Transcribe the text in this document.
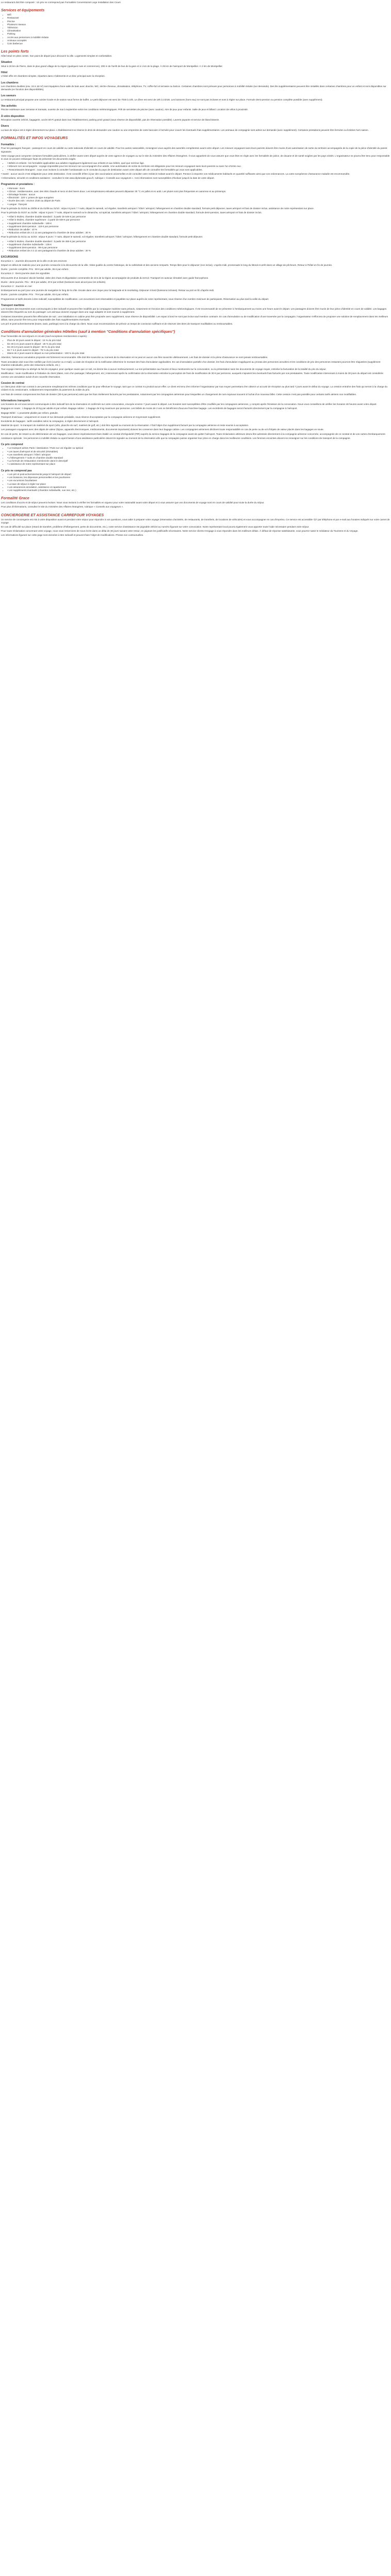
Le restaurant doit être composé : Un prix ne correspond pas Formalités Conventionné Lege Installation des Cours

Services et équipements
• Wifi
• Restaurant
• Piscine
• Plusieurs niveaux
• Télévision
• Climatisation
• Parking
• Accès aux personnes à mobilité réduite
• Animaux acceptés
• Coin barbecue
Les points forts

Hôtel situé en plein centre. Son point de départ pour découvrir la ville. Logements simples et confortables.

Situation

Situé à 20 km de Pierre, dans le plus grand village de la région (quelques rues et commerces), 200 m de l'arrêt de bus de la gare et à 1 km de la plage. À 25 km de l'aéroport de Montpellier. À 2 km de Montpellier.

Hôtel

L'hôtel offre 40 chambres simples, réparties dans 2 bâtiments et un bloc principal avec la réception.

Les chambres

Les chambres doubles (env. 15 à 18 m²) sont équipées d'une salle de bain avec douche, WC, sèche-cheveux, climatisation, téléphone, TV, coffre-fort et terrasse ou balcon. Certaines chambres sont prévues pour personnes à mobilité réduite (sur demande). Des lits supplémentaires peuvent être installés dans certaines chambres pour un enfant et sont disponibles sur demande (en fonction des disponibilités).

Les saveurs

Le restaurant principal propose une cuisine locale et de saison sous forme de buffet. Le petit déjeuner est servi de 7h30 à 10h. Le dîner est servi de 19h à 21h30. Les boissons (hors eau) ne sont pas incluses et sont à régler sur place. Formule demi-pension ou pension complète possible (avec supplément).

Vos activités

Piscine extérieure avec terrasse et transats, ouverte de mai à septembre selon les conditions météorologiques. Prêt de serviettes de piscine (avec caution). Aire de jeux pour enfants. Salle de jeux et billard. Location de vélos à proximité.

À votre disposition

Réception ouverte 24h/24, bagagerie, accès Wi-Fi gratuit dans tout l'établissement, parking privé gratuit (sous réserve de disponibilité, pas de réservation possible). Laverie payante et service de blanchisserie.

Divers

La taxe de séjour est à régler directement sur place. L'établissement se réserve le droit de demander une caution ou une empreinte de carte bancaire à l'arrivée pour couvrir les éventuels frais supplémentaires. Les animaux de compagnie sont admis sur demande (avec supplément). Certaines prestations peuvent être fermées ou limitées hors saison.

FORMALITÉS ET INFOS VOYAGEURS
Formalités :

Pour les passagers français : passeport en cours de validité ou carte nationale d'identité en cours de validité. Pour les autres nationalités, renseignez-vous auprès des autorités compétentes avant votre départ. Les mineurs voyageant sans leurs parents doivent être munis d'une autorisation de sortie du territoire accompagnée de la copie de la pièce d'identité du parent signataire.

Votre voyage peut comporter certaines formalités particulières, à vérifier avant votre départ auprès de votre agence de voyages ou sur le site du ministère des Affaires étrangères. Il vous appartient de vous assurer que vous êtes en règle avec les formalités de police, de douane et de santé exigées par les pays visités. L'organisateur ne pourra être tenu pour responsable si vous ne pouvez embarquer faute de présenter les documents exigés.

• • Bébés et enfants : les formalités applicables aux adultes s'appliquent également aux enfants et aux bébés, quel que soit leur âge.
• • Mineurs non accompagnés : voyage impossible pour les mineurs non accompagnés d'un adulte. Une autorisation de sortie du territoire est obligatoire pour les mineurs voyageant sans leurs parents ou sans l'un d'entre eux.
• • Ressortissants étrangers : nous vous invitons à consulter l'ambassade ou le consulat du pays de destination avant votre départ afin de connaître les formalités qui vous sont applicables.

• Santé : aucun vaccin n'est obligatoire pour cette destination. Il est conseillé d'être à jour des vaccinations universelles et de consulter votre médecin traitant avant le départ. Pensez à emporter vos médicaments habituels en quantité suffisante ainsi que vos ordonnances. La carte européenne d'assurance maladie est recommandée.

• Informations, sécurité et conditions sanitaires : consultez le site www.diplomatie.gouv.fr, rubrique « Conseils aux voyageurs ». Ces informations sont susceptibles d'évoluer jusqu'à la date de votre départ.

Programme et prestations :
• • Monnaie : Euro
• • Climat : méditerranéen, avec des étés chauds et secs et des hivers doux. Les températures estivales peuvent dépasser 30 °C en juillet et en août. Les pluies sont plus fréquentes en automne et au printemps.
• • Décalage horaire : aucun
• • Électricité : 220 V, prises de type européen
• • Durée des vols : environ 1h30 au départ de Paris
• • Langue : français

Pour la période du 01/04 au 30/06 et du 01/09 au 31/10 : séjour 8 jours / 7 nuits, départ le samedi, vol régulier, transferts aéroport / hôtel / aéroport, hébergement en chambre double standard, formule petit déjeuner, taxes aéroport et frais de dossier inclus, assistance de notre représentant sur place.

Pour la période du 01/07 au 31/08 : séjour 8 jours / 7 nuits, départ le samedi ou le dimanche, vol spécial, transferts aéroport / hôtel / aéroport, hébergement en chambre double standard, formule demi-pension, taxes aéroport et frais de dossier inclus.

• • Hôtel 3 étoiles, chambre double standard : à partir de 549 € par personne
• • Hôtel 3 étoiles, chambre supérieure : à partir de 629 € par personne
• • Supplément chambre individuelle : 189 €
• • Supplément demi-pension : 119 € par personne
• • Réduction 3e adulte : 10 %
• • Réduction enfant de 2 à 12 ans partageant la chambre de deux adultes : 30 %

Pour la période du 01/11 au 31/03 : séjour 8 jours / 7 nuits, départ le samedi, vol régulier, transferts aéroport / hôtel / aéroport, hébergement en chambre double standard, formule petit déjeuner.

• • Hôtel 3 étoiles, chambre double standard : à partir de 459 € par personne
• • Supplément chambre individuelle : 139 €
• • Supplément demi-pension : 99 € par personne
• • Réduction enfant de 2 à 12 ans partageant la chambre de deux adultes : 30 %
EXCURSIONS

Excursion 1 : Journée découverte de la ville et de ses environs

Départ en début de matinée pour une journée consacrée à la découverte de la ville. Visite guidée du centre historique, de la cathédrale et des anciens remparts. Temps libre pour le déjeuner (non inclus). L'après-midi, promenade le long du littoral et arrêt dans un village de pêcheurs. Retour à l'hôtel en fin de journée.

Durée : journée complète. Prix : 59 € par adulte, 35 € par enfant.

Excursion 2 : Demi-journée dans les vignobles

Découverte d'un domaine viticole familial, visite des chais et dégustation commentée de vins de la région accompagnée de produits du terroir. Transport en autocar climatisé avec guide francophone.

Durée : demi-journée. Prix : 39 € par adulte, 20 € par enfant (boissons sans alcool pour les enfants).

Excursion 3 : Journée en mer

Embarquement au port pour une journée de navigation le long de la côte. Escale dans une crique pour la baignade et le snorkeling. Déjeuner à bord (boissons incluses). Retour au port en fin d'après-midi.

Durée : journée complète. Prix : 79 € par adulte, 45 € par enfant.

Programmes et tarifs donnés à titre indicatif, susceptibles de modification. Les excursions sont réservables et payables sur place auprès de notre représentant, sous réserve d'un nombre minimum de participants. Réservation au plus tard la veille du départ.

Transport maritime

Les horaires des traversées sont communiqués à titre indicatif et peuvent être modifiés par la compagnie maritime sans préavis, notamment en fonction des conditions météorologiques. Il est recommandé de se présenter à l'embarquement au moins une heure avant le départ. Les passagers doivent être munis de leur pièce d'identité en cours de validité. Les bagages doivent être étiquetés au nom du passager. Les animaux doivent voyager dans une cage adaptée et sont soumis à supplément.

Certaines traversées peuvent être effectuées de nuit ; une installation en cabine peut être proposée avec supplément, sous réserve de disponibilité. Les repas à bord ne sont pas inclus sauf mention contraire. En cas d'annulation ou de modification d'une traversée par la compagnie, l'organisateur s'efforcera de proposer une solution de remplacement dans les meilleurs délais, sans pouvoir être tenu pour responsable des frais supplémentaires éventuels.

Les pré et post-acheminements (trains, taxis, parkings) sont à la charge du client. Nous vous recommandons de prévoir un temps de connexion suffisant et de réserver des titres de transport modifiables ou remboursables.

Conditions d'annulation générales Hôtelles (sauf à mention "Conditions d'annulation spécifiques")

Pour l'ensemble de nos séjours et circuits (sauf exceptions mentionnées ci-après) :

• Plus de 30 jours avant le départ : 15 % du prix total
• De 30 à 21 jours avant le départ : 25 % du prix total
• De 20 à 8 jours avant le départ : 50 % du prix total
• De 7 à 2 jours avant le départ : 75 % du prix total
• Moins de 2 jours avant le départ ou non-présentation : 100 % du prix total

Attention, l'assurance annulation proposée est fortement recommandée. Elle doit être souscrite au moment de la réservation et ne peut en aucun cas être souscrite ultérieurement. Les frais de dossier et la prime d'assurance ne sont jamais remboursables.

Toute annulation doit nous être notifiée par écrit (courrier ou e-mail). La date de réception de la notification détermine le montant des frais d'annulation applicables. En cas d'annulation partielle d'un dossier, les frais d'annulation s'appliquent au prorata des personnes annulées et les conditions de prix des personnes restantes pourront être réajustées (supplément chambre individuelle, perte des réductions enfants, etc.).

Tout voyage interrompu ou abrégé du fait du voyageur, pour quelque cause que ce soit, ne donne lieu à aucun remboursement. La non-présentation aux heures et lieux mentionnés sur la convocation, ou la présentation sans les documents de voyage requis, entraîne la facturation de la totalité du prix du séjour.

Modification : toute modification à l'initiative du client (dates, nom d'un passager, hébergement, etc.) intervenant après la confirmation de la réservation entraîne la perception de frais de modification de 30 € par personne, auxquels s'ajoutent les éventuels frais facturés par nos prestataires. Toute modification intervenant à moins de 30 jours du départ est considérée comme une annulation suivie d'une nouvelle réservation.

Cession de contrat

Le client peut céder son contrat à une personne remplissant les mêmes conditions que lui pour effectuer le voyage, tant que ce contrat n'a produit aucun effet. Le client est tenu d'en informer l'organisateur par tout moyen permettant d'en obtenir un accusé de réception au plus tard 7 jours avant le début du voyage. La cession entraîne des frais qui seront à la charge du cédant et du cessionnaire, solidairement responsables du paiement du solde du prix.

Les frais de cession comprennent les frais de dossier (30 € par personne) ainsi que les frais réellement facturés par les prestataires, notamment par les compagnies aériennes pour lesquelles un changement de nom équivaut souvent à l'achat d'un nouveau billet. Cette cession n'est pas possible pour certains tarifs aériens non modifiables.

Informations transports

Les horaires de vol vous seront communiqués à titre indicatif lors de la réservation et confirmés sur votre convocation, envoyée environ 7 jours avant le départ. Les horaires sont susceptibles d'être modifiés par les compagnies aériennes, y compris après l'émission de la convocation. Nous vous conseillons de vérifier les horaires 48 heures avant votre départ.

Bagages en soute : 1 bagage de 20 kg par adulte et par enfant. Bagage cabine : 1 bagage de 5 kg maximum par personne. Les bébés de moins de 2 ans ne bénéficient d'aucune franchise bagage. Les excédents de bagages seront facturés directement par la compagnie à l'aéroport.

Bagage Bébé : 1 poussette pliable par enfant, gratuite.

Transport d'animaux : uniquement en soute et sur demande préalable, sous réserve d'acceptation par la compagnie aérienne et moyennant supplément.

Excédents de bagages : tarifs variables selon la compagnie, à régler directement à l'aéroport.

Matériel de sport : le transport de matériel de sport (vélo, planche de surf, matériel de golf, etc.) doit être signalé au moment de la réservation. Il fait l'objet d'un supplément facturé par la compagnie aérienne et reste soumis à acceptation.

Les passagers voyageant avec des objets de valeur (bijoux, appareils électroniques, médicaments, documents importants) doivent les conserver dans leur bagage cabine. Les compagnies aériennes déclinent toute responsabilité en cas de perte ou de vol d'objets de valeur placés dans les bagages en soute.

En cas de perte, de retard ou de détérioration de vos bagages, vous devez impérativement faire établir un constat d'irrégularité (PIR) auprès du service bagages de la compagnie avant de quitter l'aéroport. Toute réclamation ultérieure devra être adressée directement à la compagnie aérienne concernée, accompagnée de ce constat et de vos cartes d'embarquement.

Assistance spéciale : les personnes à mobilité réduite ou ayant besoin d'une assistance particulière doivent le signaler au moment de la réservation afin que la compagnie puisse organiser leur prise en charge dans les meilleures conditions. Les femmes enceintes doivent se renseigner sur les conditions de transport de la compagnie.

Ce prix comprend
• • Le transport aérien Paris / destination / Paris sur vol régulier ou spécial
• • Les taxes d'aéroport et de sécurité (révisables)
• • Les transferts aéroport / hôtel / aéroport
• • L'hébergement 7 nuits en chambre double standard
• • La formule de restauration mentionnée dans le descriptif
• • L'assistance de notre représentant sur place
Ce prix ne comprend pas
• • Les pré et post-acheminements jusqu'à l'aéroport de départ
• • Les boissons, les dépenses personnelles et les pourboires
• • Les excursions facultatives
• • La taxe de séjour à régler sur place
• • Les assurances annulation, assistance et rapatriement
• • Les suppléments éventuels (chambre individuelle, vue mer, etc.)
Formalité Grace

Les conditions d'accès et de séjour peuvent évoluer. Nous vous invitons à vérifier les formalités en vigueur pour votre nationalité avant votre départ et à vous assurer que vos documents de voyage sont en cours de validité pour toute la durée du séjour.

Pour plus d'informations, consultez le site du ministère des Affaires étrangères, rubrique « Conseils aux voyageurs ».

CONCIERGERIE ET ASSISTANCE CARREFOUR VOYAGES

Un service de conciergerie est mis à votre disposition avant et pendant votre séjour pour répondre à vos questions, vous aider à préparer votre voyage (réservation d'activités, de restaurants, de transferts, de locations de véhicules) et vous accompagner en cas d'imprévu. Ce service est accessible 7j/7 par téléphone et par e-mail aux horaires indiqués sur votre carnet de voyage.

En cas de difficulté sur place (retard de transfert, problème d'hébergement, perte de documents, etc.), notre service d'assistance est joignable 24h/24 au numéro figurant sur votre convocation. Notre représentant local pourra également vous apporter toute l'aide nécessaire pendant votre séjour.

Pour toute réclamation concernant votre voyage, nous vous remercions de nous écrire dans un délai de 30 jours suivant votre retour, en joignant les justificatifs nécessaires. Notre service clients s'engage à vous répondre dans les meilleurs délais. À défaut de réponse satisfaisante, vous pourrez saisir le médiateur du Tourisme et du Voyage.

Les informations figurant sur cette page sont données à titre indicatif et peuvent faire l'objet de modifications. Photos non contractuelles.
